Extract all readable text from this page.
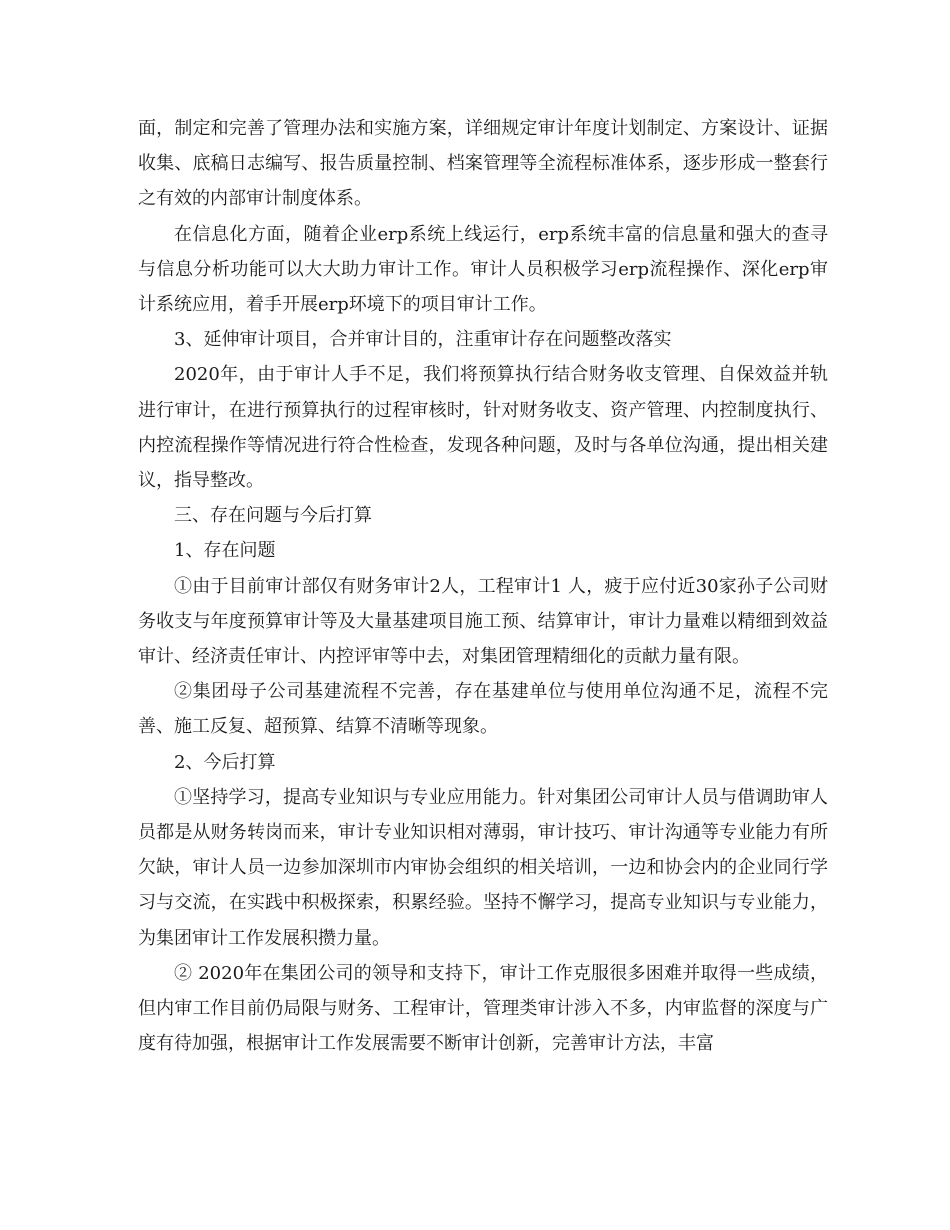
面，制定和完善了管理办法和实施方案，详细规定审计年度计划制定、方案设计、证据收集、底稿日志编写、报告质量控制、档案管理等全流程标准体系，逐步形成一整套行之有效的内部审计制度体系。

在信息化方面，随着企业erp系统上线运行，erp系统丰富的信息量和强大的查寻与信息分析功能可以大大助力审计工作。审计人员积极学习erp流程操作、深化erp审计系统应用，着手开展erp环境下的项目审计工作。

3、延伸审计项目，合并审计目的，注重审计存在问题整改落实

2020年，由于审计人手不足，我们将预算执行结合财务收支管理、自保效益并轨进行审计，在进行预算执行的过程审核时，针对财务收支、资产管理、内控制度执行、内控流程操作等情况进行符合性检查，发现各种问题，及时与各单位沟通，提出相关建议，指导整改。

三、存在问题与今后打算

1、存在问题

①由于目前审计部仅有财务审计2人，工程审计1 人，疲于应付近30家孙子公司财务收支与年度预算审计等及大量基建项目施工预、结算审计，审计力量难以精细到效益审计、经济责任审计、内控评审等中去，对集团管理精细化的贡献力量有限。

②集团母子公司基建流程不完善，存在基建单位与使用单位沟通不足，流程不完善、施工反复、超预算、结算不清晰等现象。

2、今后打算

①坚持学习，提高专业知识与专业应用能力。针对集团公司审计人员与借调助审人员都是从财务转岗而来，审计专业知识相对薄弱，审计技巧、审计沟通等专业能力有所欠缺，审计人员一边参加深圳市内审协会组织的相关培训，一边和协会内的企业同行学习与交流，在实践中积极探索，积累经验。坚持不懈学习，提高专业知识与专业能力，为集团审计工作发展积攒力量。

② 2020年在集团公司的领导和支持下，审计工作克服很多困难并取得一些成绩，但内审工作目前仍局限与财务、工程审计，管理类审计涉入不多，内审监督的深度与广度有待加强，根据审计工作发展需要不断审计创新，完善审计方法，丰富
